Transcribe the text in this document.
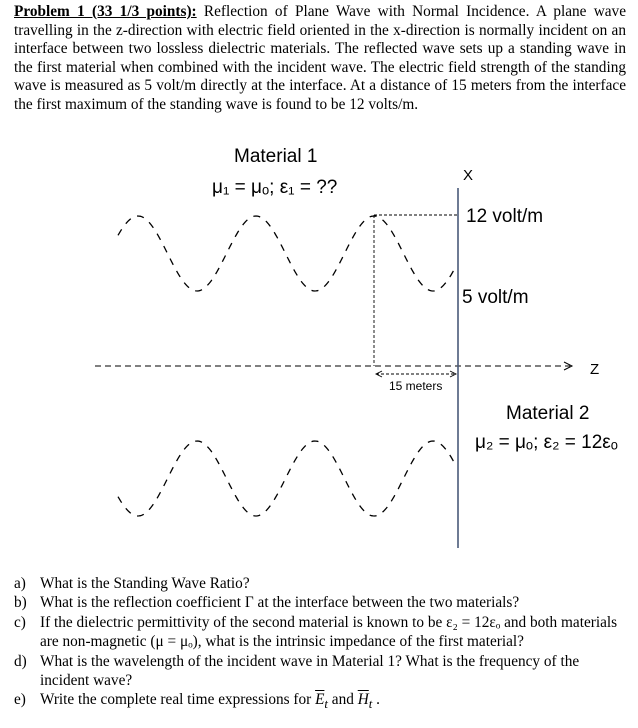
Problem 1 (33 1/3 points): Reflection of Plane Wave with Normal Incidence. A plane wave travelling in the z-direction with electric field oriented in the x-direction is normally incident on an interface between two lossless dielectric materials. The reflected wave sets up a standing wave in the first material when combined with the incident wave. The electric field strength of the standing wave is measured as 5 volt/m directly at the interface. At a distance of 15 meters from the interface the first maximum of the standing wave is found to be 12 volts/m.

Material 1
μ₁ = μₒ; ε₁ = ??
X
12 volt/m
5 volt/m
Z
15 meters
Material 2
μ₂ = μₒ; ε₂ = 12εₒ
a) What is the Standing Wave Ratio?
b) What is the reflection coefficient Γ at the interface between the two materials?
c) If the dielectric permittivity of the second material is known to be ε₂ = 12εₒ and both materials are non-magnetic (μ = μₒ), what is the intrinsic impedance of the first material?
d) What is the wavelength of the incident wave in Material 1? What is the frequency of the incident wave?
e) Write the complete real time expressions for $\overline{E}_t$ and $\overline{H}_t$ .
